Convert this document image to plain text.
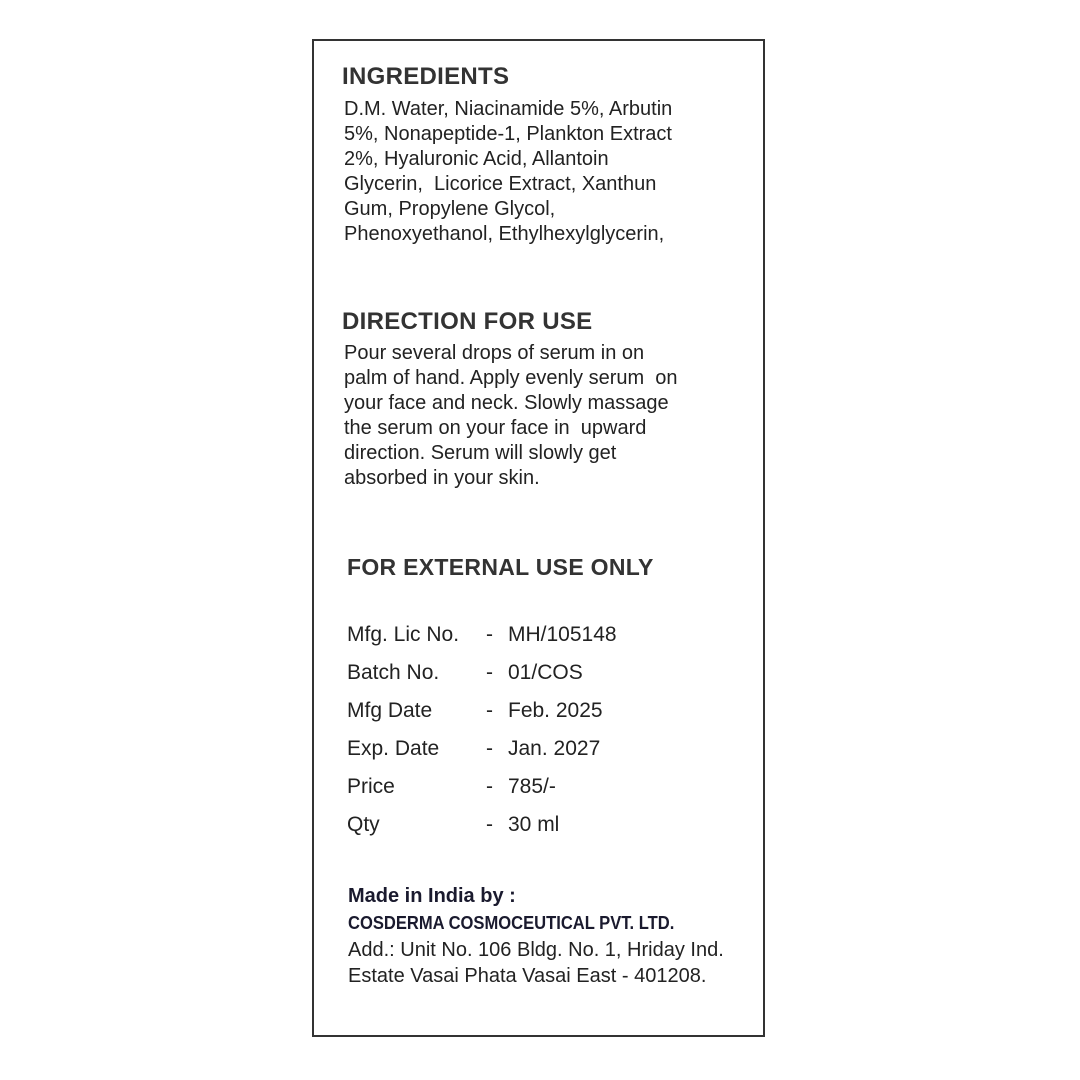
INGREDIENTS
D.M. Water, Niacinamide 5%, Arbutin
5%, Nonapeptide-1, Plankton Extract
2%, Hyaluronic Acid, Allantoin
Glycerin,  Licorice Extract, Xanthun
Gum, Propylene Glycol,
Phenoxyethanol, Ethylhexylglycerin,
DIRECTION FOR USE
Pour several drops of serum in on
palm of hand. Apply evenly serum  on
your face and neck. Slowly massage
the serum on your face in  upward
direction. Serum will slowly get
absorbed in your skin.
FOR EXTERNAL USE ONLY
Mfg. Lic No. - MH/105148
Batch No. - 01/COS
Mfg Date	- Feb. 2025
Exp. Date - Jan. 2027
Price	- 785/-
Qty	- 30 ml
Made in India by :
COSDERMA COSMOCEUTICAL PVT. LTD.
Add.: Unit No. 106 Bldg. No. 1, Hriday Ind.
Estate Vasai Phata Vasai East - 401208.
